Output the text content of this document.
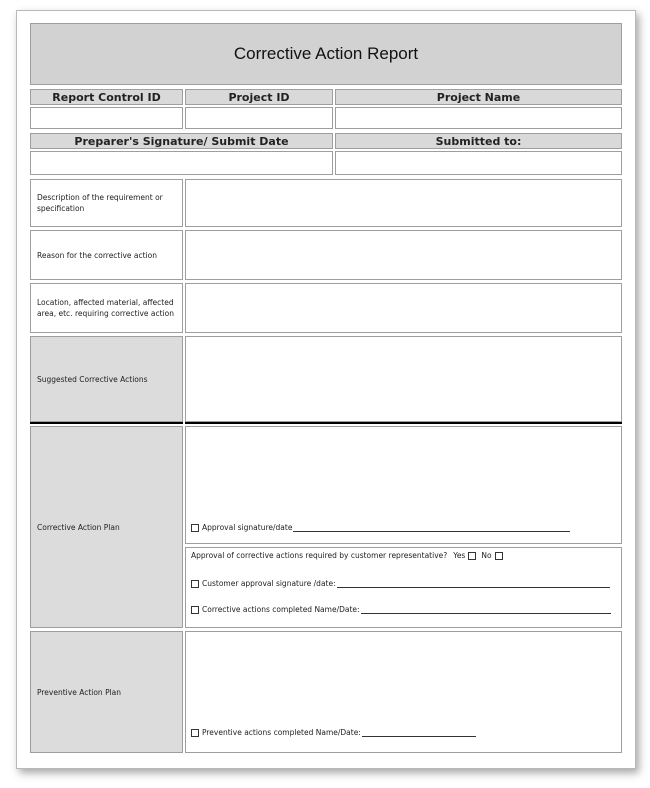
Corrective Action Report
Report Control ID	Project ID	Project Name
Preparer's Signature/ Submit Date	Submitted to:
Description of the requirement or specification
Reason for the corrective action
Location, affected material, affected area, etc. requiring corrective action
Suggested Corrective Actions
Corrective Action Plan	Approval signature/date
Approval of corrective actions required by customer representative? Yes No
Customer approval signature /date:
Corrective actions completed Name/Date:
Preventive Action Plan
Preventive actions completed Name/Date:
